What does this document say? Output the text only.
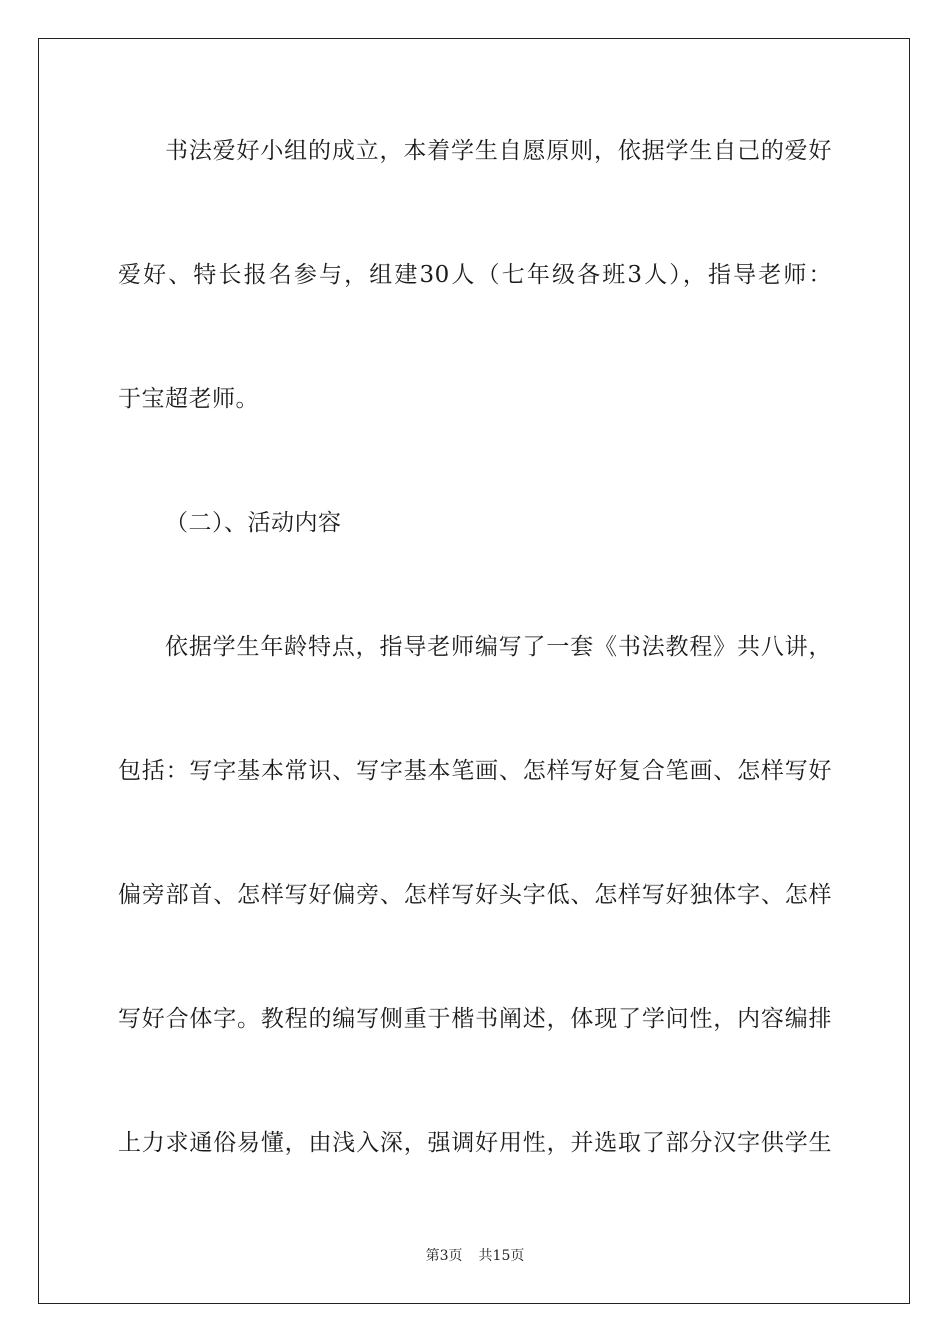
书法爱好小组的成立，本着学生自愿原则，依据学生自己的爱好
爱好、特长报名参与，组建30人（七年级各班3人），指导老师：
于宝超老师。
（二）、活动内容
依据学生年龄特点，指导老师编写了一套《书法教程》共八讲，
包括：写字基本常识、写字基本笔画、怎样写好复合笔画、怎样写好
偏旁部首、怎样写好偏旁、怎样写好头字低、怎样写好独体字、怎样
写好合体字。教程的编写侧重于楷书阐述，体现了学问性，内容编排
上力求通俗易懂，由浅入深，强调好用性，并选取了部分汉字供学生
第3页 共15页
